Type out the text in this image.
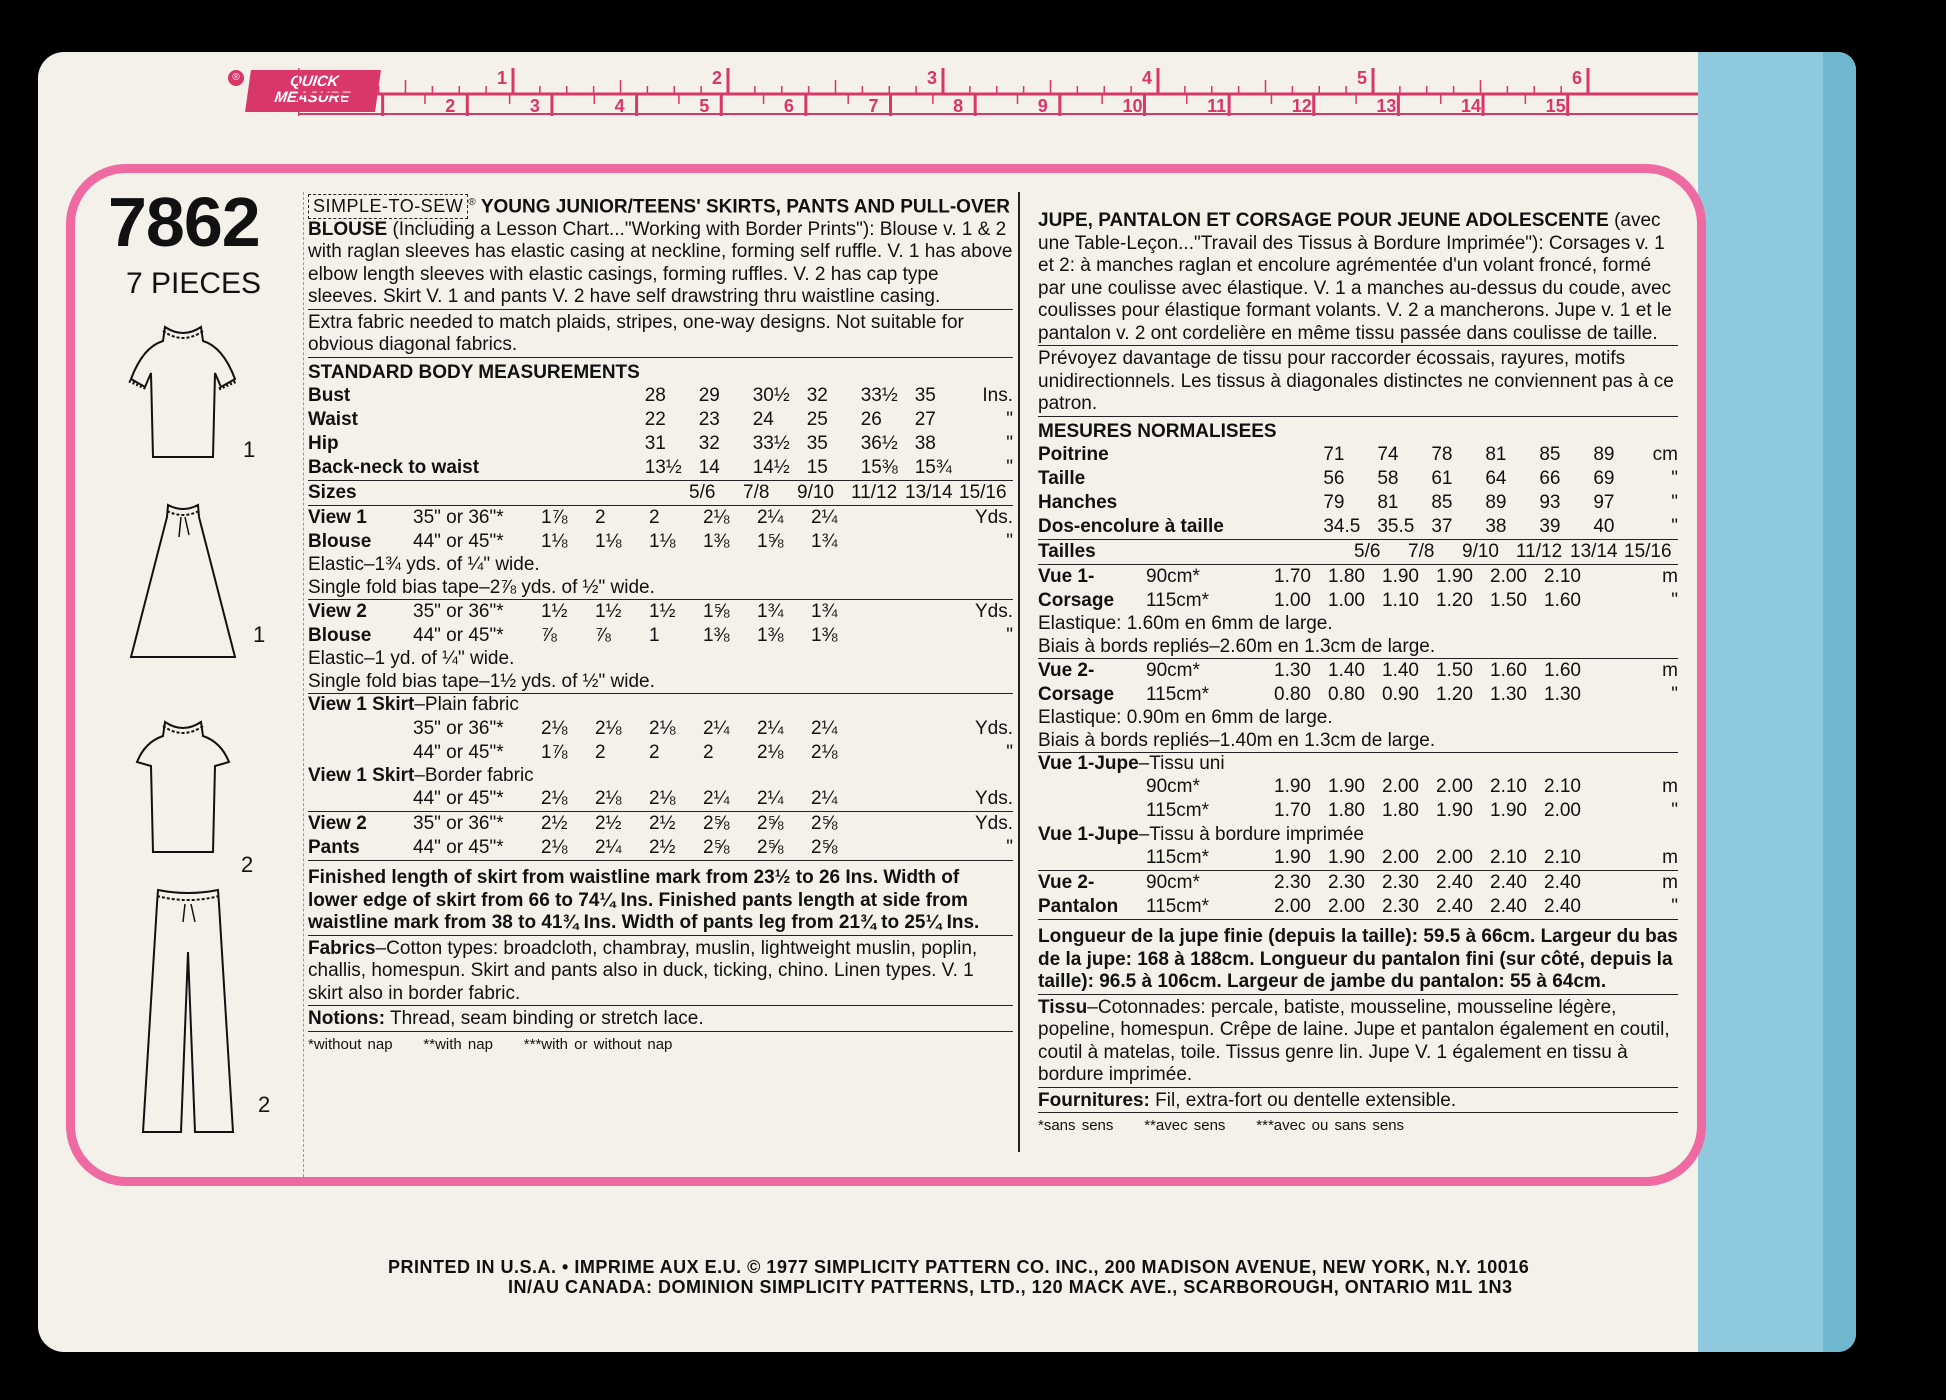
®	QUICK
MEASURE
1	2	3	4	5	6
1	2	3	4	5	6	7	8	9	10	11	12	13	14	15
7862
7 PIECES
1
1
2
2
SIMPLE-TO-SEW ® YOUNG JUNIOR/TEENS' SKIRTS, PANTS AND PULL-OVER BLOUSE (Including a Lesson Chart..."Working with Border Prints"): Blouse v. 1 & 2 with raglan sleeves has elastic casing at neckline, forming self ruffle. V. 1 has above elbow length sleeves with elastic casings, forming ruffles. V. 2 has cap type sleeves. Skirt V. 1 and pants V. 2 have self drawstring thru waistline casing.
Extra fabric needed to match plaids, stripes, one-way designs. Not suitable for obvious diagonal fabrics.
STANDARD BODY MEASUREMENTS
Bust	28	29	30½	32	33½	35	Ins.
Waist	22	23	24	25	26	27	"
Hip	31	32	33½	35	36½	38	"
Back-neck to waist	13½	14	14½	15	15⅜	15¾	"
Sizes	5/6	7/8	9/10	11/12	13/14	15/16	
View 1	35" or 36"*	1⅞	2	2	2⅛	2¼	2¼	Yds.
Blouse	44" or 45"*	1⅛	1⅛	1⅛	1⅜	1⅝	1¾	"
Elastic–1¾ yds. of ¼" wide.
Single fold bias tape–2⅞ yds. of ½" wide.
View 2	35" or 36"*	1½	1½	1½	1⅝	1¾	1¾	Yds.
Blouse	44" or 45"*	⅞	⅞	1	1⅜	1⅜	1⅜	"
Elastic–1 yd. of ¼" wide.
Single fold bias tape–1½ yds. of ½" wide.
View 1 Skirt–Plain fabric
	35" or 36"*	2⅛	2⅛	2⅛	2¼	2¼	2¼	Yds.
	44" or 45"*	1⅞	2	2	2	2⅛	2⅛	"
View 1 Skirt–Border fabric
	44" or 45"*	2⅛	2⅛	2⅛	2¼	2¼	2¼	Yds.
View 2	35" or 36"*	2½	2½	2½	2⅝	2⅝	2⅝	Yds.
Pants	44" or 45"*	2⅛	2¼	2½	2⅝	2⅝	2⅝	"
Finished length of skirt from waistline mark from 23½ to 26 Ins. Width of lower edge of skirt from 66 to 74¼ Ins. Finished pants length at side from waistline mark from 38 to 41¾ Ins. Width of pants leg from 21¾ to 25¼ Ins.
Fabrics–Cotton types: broadcloth, chambray, muslin, lightweight muslin, poplin, challis, homespun. Skirt and pants also in duck, ticking, chino. Linen types. V. 1 skirt also in border fabric.
Notions: Thread, seam binding or stretch lace.
*without nap **with nap ***with or without nap
JUPE, PANTALON ET CORSAGE POUR JEUNE ADOLESCENTE (avec une Table-Leçon..."Travail des Tissus à Bordure Imprimée"): Corsages v. 1 et 2: à manches raglan et encolure agrémentée d'un volant froncé, formé par une coulisse avec élastique. V. 1 a manches au-dessus du coude, avec coulisses pour élastique formant volants. V. 2 a mancherons. Jupe v. 1 et le pantalon v. 2 ont cordelière en même tissu passée dans coulisse de taille.
Prévoyez davantage de tissu pour raccorder écossais, rayures, motifs unidirectionnels. Les tissus à diagonales distinctes ne conviennent pas à ce patron.
MESURES NORMALISEES
Poitrine	71	74	78	81	85	89	cm
Taille	56	58	61	64	66	69	"
Hanches	79	81	85	89	93	97	"
Dos-encolure à taille	34.5	35.5	37	38	39	40	"
Tailles	5/6	7/8	9/10	11/12	13/14	15/16	
Vue 1-	90cm*	1.70	1.80	1.90	1.90	2.00	2.10	m
Corsage	115cm*	1.00	1.00	1.10	1.20	1.50	1.60	"
Elastique: 1.60m en 6mm de large.
Biais à bords repliés–2.60m en 1.3cm de large.
Vue 2-	90cm*	1.30	1.40	1.40	1.50	1.60	1.60	m
Corsage	115cm*	0.80	0.80	0.90	1.20	1.30	1.30	"
Elastique: 0.90m en 6mm de large.
Biais à bords repliés–1.40m en 1.3cm de large.
Vue 1-Jupe–Tissu uni
	90cm*	1.90	1.90	2.00	2.00	2.10	2.10	m
	115cm*	1.70	1.80	1.80	1.90	1.90	2.00	"
Vue 1-Jupe–Tissu à bordure imprimée
	115cm*	1.90	1.90	2.00	2.00	2.10	2.10	m
Vue 2-	90cm*	2.30	2.30	2.30	2.40	2.40	2.40	m
Pantalon	115cm*	2.00	2.00	2.30	2.40	2.40	2.40	"
Longueur de la jupe finie (depuis la taille): 59.5 à 66cm. Largeur du bas de la jupe: 168 à 188cm. Longueur du pantalon fini (sur côté, depuis la taille): 96.5 à 106cm. Largeur de jambe du pantalon: 55 à 64cm.
Tissu–Cotonnades: percale, batiste, mousseline, mousseline légère, popeline, homespun. Crêpe de laine. Jupe et pantalon également en coutil, coutil à matelas, toile. Tissus genre lin. Jupe V. 1 également en tissu à bordure imprimée.
Fournitures: Fil, extra-fort ou dentelle extensible.
*sans sens **avec sens ***avec ou sans sens
PRINTED IN U.S.A. • IMPRIME AUX E.U. © 1977 SIMPLICITY PATTERN CO. INC., 200 MADISON AVENUE, NEW YORK, N.Y. 10016
IN/AU CANADA: DOMINION SIMPLICITY PATTERNS, LTD., 120 MACK AVE., SCARBOROUGH, ONTARIO M1L 1N3
